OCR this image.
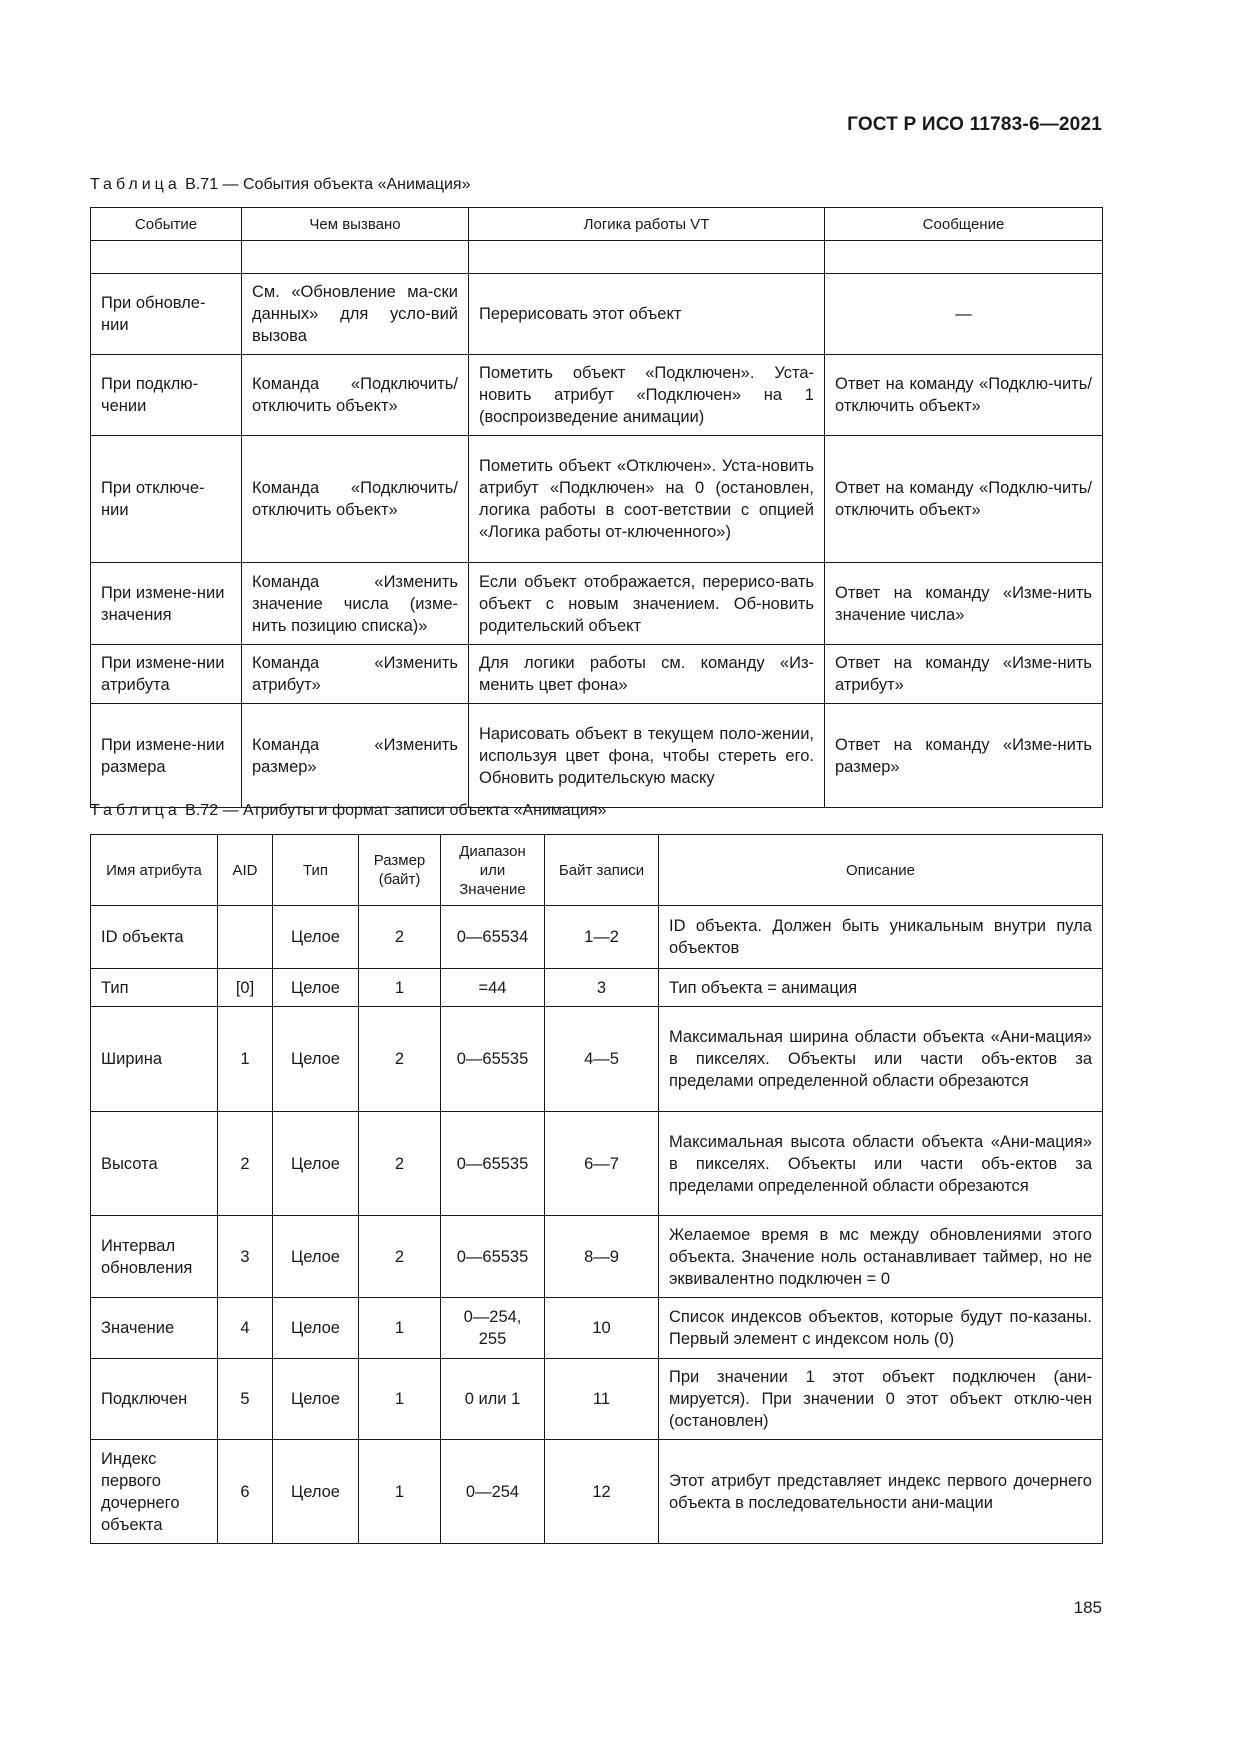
ГОСТ Р ИСО 11783-6—2021
Таблица В.71 — События объекта «Анимация»
Событие	Чем вызвано	Логика работы VT	Сообщение

При обновле-нии	См. «Обновление ма-ски данных» для усло-вий вызова	Перерисовать этот объект	—
При подклю-чении	Команда «Подключить/ отключить объект»	Пометить объект «Подключен». Уста-новить атрибут «Подключен» на 1 (воспроизведение анимации)	Ответ на команду «Подклю-чить/отключить объект»
При отключе-нии	Команда «Подключить/ отключить объект»	Пометить объект «Отключен». Уста-новить атрибут «Подключен» на 0 (остановлен, логика работы в соот-ветствии с опцией «Логика работы от-ключенного»)	Ответ на команду «Подклю-чить/отключить объект»
При измене-нии значения	Команда «Изменить значение числа (изме-нить позицию списка)»	Если объект отображается, перерисо-вать объект с новым значением. Об-новить родительский объект	Ответ на команду «Изме-нить значение числа»
При измене-нии атрибута	Команда «Изменить атрибут»	Для логики работы см. команду «Из-менить цвет фона»	Ответ на команду «Изме-нить атрибут»
При измене-нии размера	Команда «Изменить размер»	Нарисовать объект в текущем поло-жении, используя цвет фона, чтобы стереть его. Обновить родительскую маску	Ответ на команду «Изме-нить размер»
Таблица В.72 — Атрибуты и формат записи объекта «Анимация»
Имя атрибута	AID	Тип	Размер (байт)	Диапазон или Значение	Байт записи	Описание
ID объекта		Целое	2	0—65534	1—2	ID объекта. Должен быть уникальным внутри пула объектов
Тип	[0]	Целое	1	=44	3	Тип объекта = анимация
Ширина	1	Целое	2	0—65535	4—5	Максимальная ширина области объекта «Ани-мация» в пикселях. Объекты или части объ-ектов за пределами определенной области обрезаются
Высота	2	Целое	2	0—65535	6—7	Максимальная высота области объекта «Ани-мация» в пикселях. Объекты или части объ-ектов за пределами определенной области обрезаются
Интервал обновления	3	Целое	2	0—65535	8—9	Желаемое время в мс между обновлениями этого объекта. Значение ноль останавливает таймер, но не эквивалентно подключен = 0
Значение	4	Целое	1	0—254, 255	10	Список индексов объектов, которые будут по-казаны. Первый элемент с индексом ноль (0)
Подключен	5	Целое	1	0 или 1	11	При значении 1 этот объект подключен (ани-мируется). При значении 0 этот объект отклю-чен (остановлен)
Индекс первого дочернего объекта	6	Целое	1	0—254	12	Этот атрибут представляет индекс первого дочернего объекта в последовательности ани-мации
185
